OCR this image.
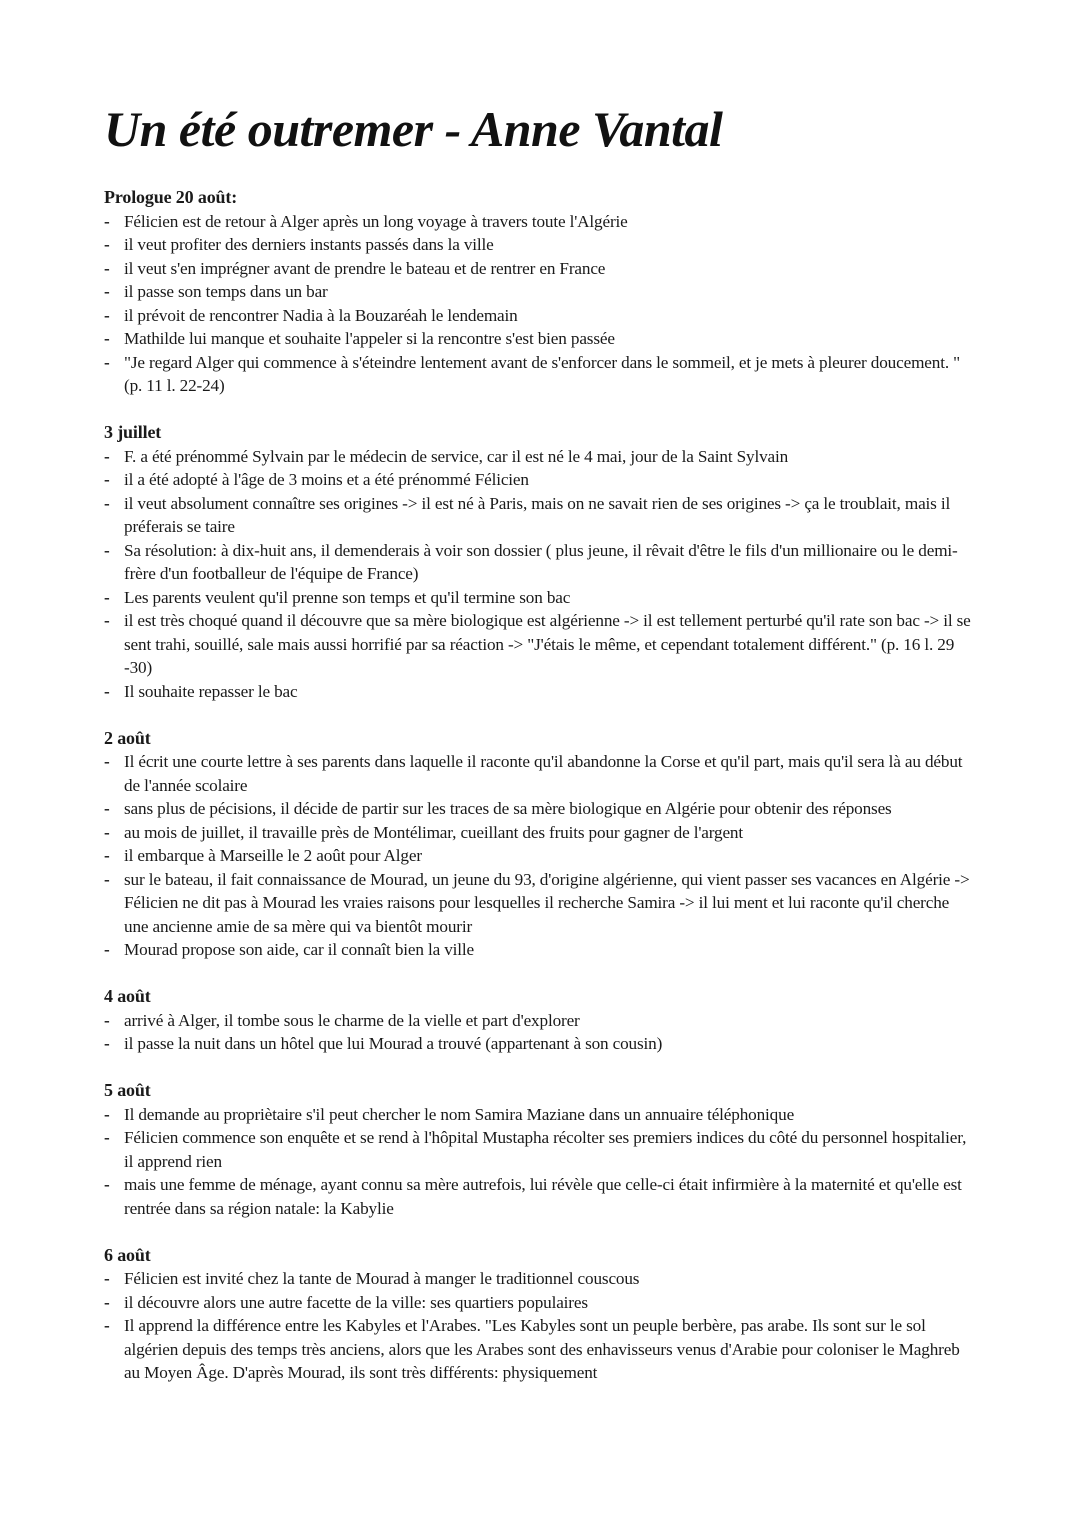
Un été outremer - Anne Vantal
Prologue 20 août:
- Félicien est de retour à Alger après un long voyage à travers toute l'Algérie
- il veut profiter des derniers instants passés dans la ville
- il veut s'en imprégner avant de prendre le bateau et de rentrer en France
- il passe son temps dans un bar
- il prévoit de rencontrer Nadia à la Bouzaréah le lendemain
- Mathilde lui manque et souhaite l'appeler si la rencontre s'est bien passée
- "Je regard Alger qui commence à s'éteindre lentement avant de s'enforcer dans le sommeil, et je mets à pleurer doucement. " (p. 11 l. 22-24)
3 juillet
- F. a été prénommé Sylvain par le médecin de service, car il est né le 4 mai, jour de la Saint Sylvain
- il a été adopté à l'âge de 3 moins et a été prénommé Félicien
- il veut absolument connaître ses origines -> il est né à Paris, mais on ne savait rien de ses origines -> ça le troublait, mais il préferais se taire
- Sa résolution: à dix-huit ans, il demenderais à voir son dossier ( plus jeune, il rêvait d'être le fils d'un millionaire ou le demi-frère d'un footballeur de l'équipe de France)
- Les parents veulent qu'il prenne son temps et qu'il termine son bac
- il est très choqué quand il découvre que sa mère biologique est algérienne -> il est tellement perturbé qu'il rate son bac -> il se sent trahi, souillé, sale mais aussi horrifié par sa réaction -> "J'étais le même, et cependant totalement différent." (p. 16 l. 29 -30)
- Il souhaite repasser le bac
2 août
- Il écrit une courte lettre à ses parents dans laquelle il raconte qu'il abandonne la Corse et qu'il part, mais qu'il sera là au début de l'année scolaire
- sans plus de pécisions, il décide de partir sur les traces de sa mère biologique en Algérie pour obtenir des réponses
- au mois de juillet, il travaille près de Montélimar, cueillant des fruits pour gagner de l'argent
- il embarque à Marseille le 2 août pour Alger
- sur le bateau, il fait connaissance de Mourad, un jeune du 93, d'origine algérienne, qui vient passer ses vacances en Algérie -> Félicien ne dit pas à Mourad les vraies raisons pour lesquelles il recherche Samira -> il lui ment et lui raconte qu'il cherche une ancienne amie de sa mère qui va bientôt mourir
- Mourad propose son aide, car il connaît bien la ville
4 août
- arrivé à Alger, il tombe sous le charme de la vielle et part d'explorer
- il passe la nuit dans un hôtel que lui Mourad a trouvé (appartenant à son cousin)
5 août
- Il demande au propriètaire s'il peut chercher le nom Samira Maziane dans un annuaire téléphonique
- Félicien commence son enquête et se rend à l'hôpital Mustapha récolter ses premiers indices du côté du personnel hospitalier, il apprend rien
- mais une femme de ménage, ayant connu sa mère autrefois, lui révèle que celle-ci était infirmière à la maternité et qu'elle est rentrée dans sa région natale: la Kabylie
6 août
- Félicien est invité chez la tante de Mourad à manger le traditionnel couscous
- il découvre alors une autre facette de la ville: ses quartiers populaires
- Il apprend la différence entre les Kabyles et l'Arabes. "Les Kabyles sont un peuple berbère, pas arabe. Ils sont sur le sol algérien depuis des temps très anciens, alors que les Arabes sont des enhavisseurs venus d'Arabie pour coloniser le Maghreb au Moyen Âge. D'après Mourad, ils sont très différents: physiquement
